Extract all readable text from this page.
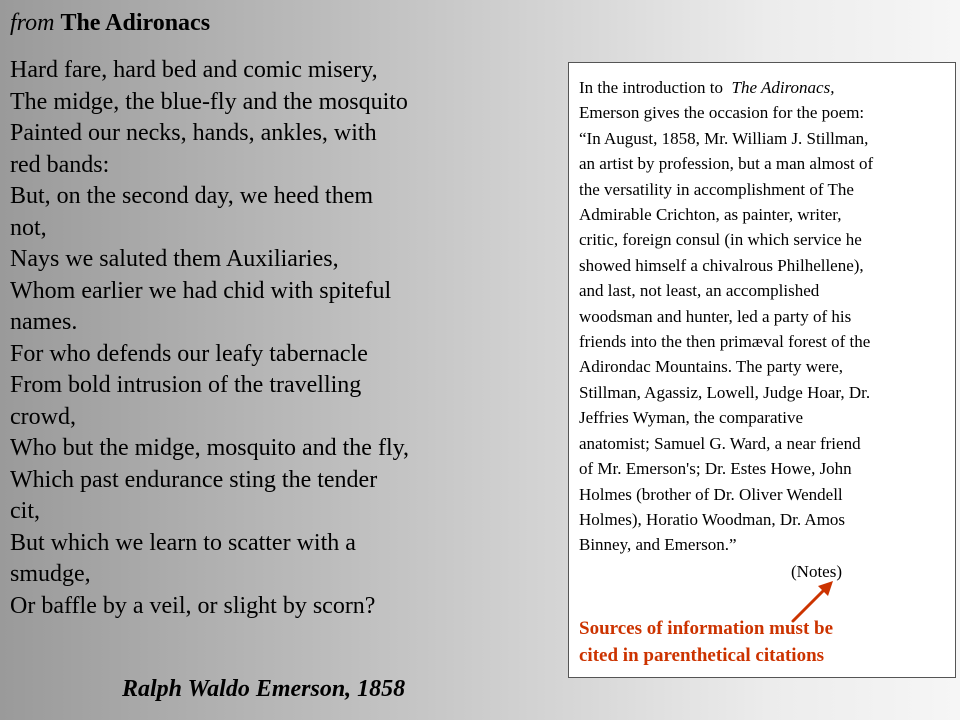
from The Adironacs
Hard fare, hard bed and comic misery,
The midge, the blue-fly and the mosquito
Painted our necks, hands, ankles, with
red bands:
But, on the second day, we heed them
not,
Nays we saluted them Auxiliaries,
Whom earlier we had chid with spiteful
names.
For who defends our leafy tabernacle
From bold intrusion of the travelling
crowd,
Who but the midge, mosquito and the fly,
Which past endurance sting the tender
cit,
But which we learn to scatter with a
smudge,
Or baffle by a veil, or slight by scorn?
Ralph Waldo Emerson, 1858
In the introduction to The Adironacs,
Emerson gives the occasion for the poem:
“In August, 1858, Mr. William J. Stillman,
an artist by profession, but a man almost of
the versatility in accomplishment of The
Admirable Crichton, as painter, writer,
critic, foreign consul (in which service he
showed himself a chivalrous Philhellene),
and last, not least, an accomplished
woodsman and hunter, led a party of his
friends into the then primæval forest of the
Adirondac Mountains. The party were,
Stillman, Agassiz, Lowell, Judge Hoar, Dr.
Jeffries Wyman, the comparative
anatomist; Samuel G. Ward, a near friend
of Mr. Emerson's; Dr. Estes Howe, John
Holmes (brother of Dr. Oliver Wendell
Holmes), Horatio Woodman, Dr. Amos
Binney, and Emerson.”
(Notes)
Sources of information must be
cited in parenthetical citations
